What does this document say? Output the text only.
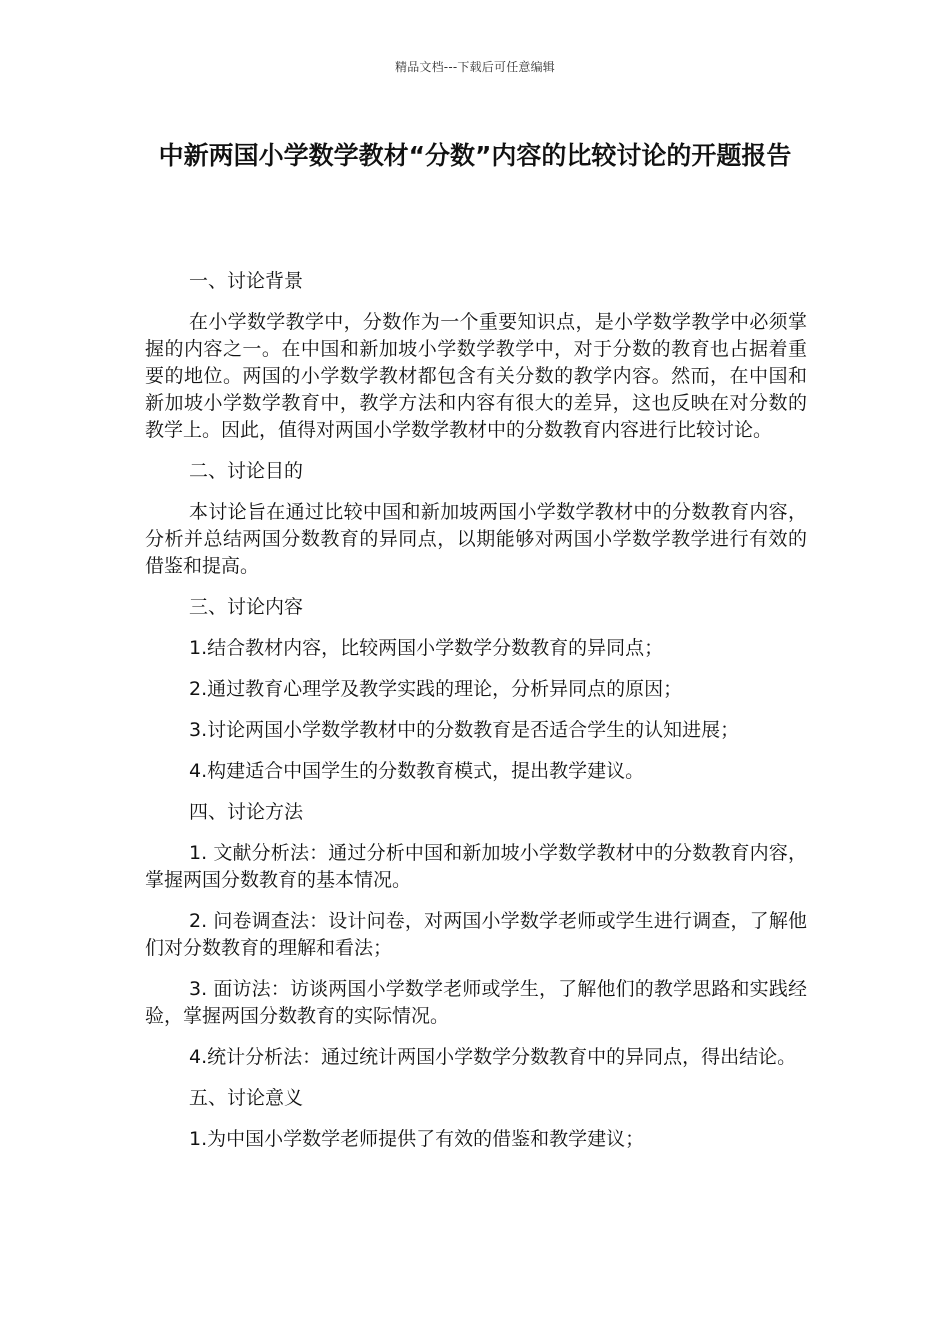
精品文档---下载后可任意编辑
中新两国小学数学教材“分数”内容的比较讨论的开题报告
一、讨论背景
在小学数学教学中，分数作为一个重要知识点，是小学数学教学中必须掌握的内容之一。在中国和新加坡小学数学教学中，对于分数的教育也占据着重要的地位。两国的小学数学教材都包含有关分数的教学内容。然而，在中国和新加坡小学数学教育中，教学方法和内容有很大的差异，这也反映在对分数的教学上。因此，值得对两国小学数学教材中的分数教育内容进行比较讨论。
二、讨论目的
本讨论旨在通过比较中国和新加坡两国小学数学教材中的分数教育内容，分析并总结两国分数教育的异同点，以期能够对两国小学数学教学进行有效的借鉴和提高。
三、讨论内容
1.结合教材内容，比较两国小学数学分数教育的异同点；
2.通过教育心理学及教学实践的理论，分析异同点的原因；
3.讨论两国小学数学教材中的分数教育是否适合学生的认知进展；
4.构建适合中国学生的分数教育模式，提出教学建议。
四、讨论方法
1. 文献分析法：通过分析中国和新加坡小学数学教材中的分数教育内容，掌握两国分数教育的基本情况。
2. 问卷调查法：设计问卷，对两国小学数学老师或学生进行调查，了解他们对分数教育的理解和看法；
3. 面访法：访谈两国小学数学老师或学生，了解他们的教学思路和实践经验，掌握两国分数教育的实际情况。
4.统计分析法：通过统计两国小学数学分数教育中的异同点，得出结论。
五、讨论意义
1.为中国小学数学老师提供了有效的借鉴和教学建议；
